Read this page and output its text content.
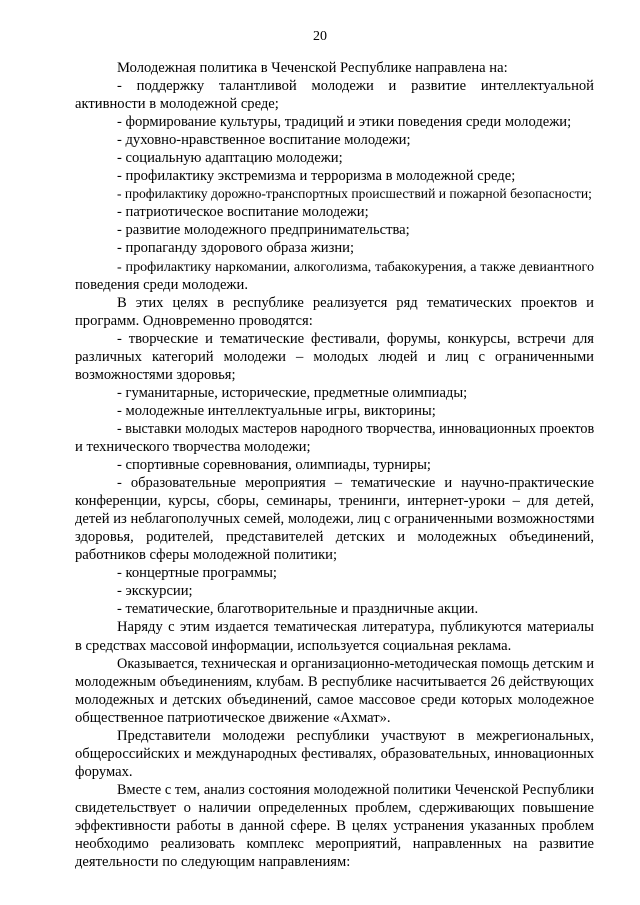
20
Молодежная политика в Чеченской Республике направлена на:
- поддержку талантливой молодежи и развитие интеллектуальной
активности в молодежной среде;
- формирование культуры, традиций и этики поведения среди молодежи;
- духовно-нравственное воспитание молодежи;
- социальную адаптацию молодежи;
- профилактику экстремизма и терроризма в молодежной среде;
- профилактику дорожно-транспортных происшествий и пожарной безопасности;
- патриотическое воспитание молодежи;
- развитие молодежного предпринимательства;
- пропаганду здорового образа жизни;
- профилактику наркомании, алкоголизма, табакокурения, а также девиантного
поведения среди молодежи.
В этих целях в республике реализуется ряд тематических проектов и
программ. Одновременно проводятся:
- творческие и тематические фестивали, форумы, конкурсы, встречи для
различных категорий молодежи – молодых людей и лиц с ограниченными
возможностями здоровья;
- гуманитарные, исторические, предметные олимпиады;
- молодежные интеллектуальные игры, викторины;
- выставки молодых мастеров народного творчества, инновационных проектов
и технического творчества молодежи;
- спортивные соревнования, олимпиады, турниры;
- образовательные мероприятия – тематические и научно-практические
конференции, курсы, сборы, семинары, тренинги, интернет-уроки – для детей,
детей из неблагополучных семей, молодежи, лиц с ограниченными возможностями
здоровья, родителей, представителей детских и молодежных объединений,
работников сферы молодежной политики;
- концертные программы;
- экскурсии;
- тематические, благотворительные и праздничные акции.
Наряду с этим издается тематическая литература, публикуются материалы
в средствах массовой информации, используется социальная реклама.
Оказывается, техническая и организационно-методическая помощь детским и
молодежным объединениям, клубам. В республике насчитывается 26 действующих
молодежных и детских объединений, самое массовое среди которых молодежное
общественное патриотическое движение «Ахмат».
Представители молодежи республики участвуют в межрегиональных,
общероссийских и международных фестивалях, образовательных, инновационных
форумах.
Вместе с тем, анализ состояния молодежной политики Чеченской Республики
свидетельствует о наличии определенных проблем, сдерживающих повышение
эффективности работы в данной сфере. В целях устранения указанных проблем
необходимо реализовать комплекс мероприятий, направленных на развитие
деятельности по следующим направлениям:
